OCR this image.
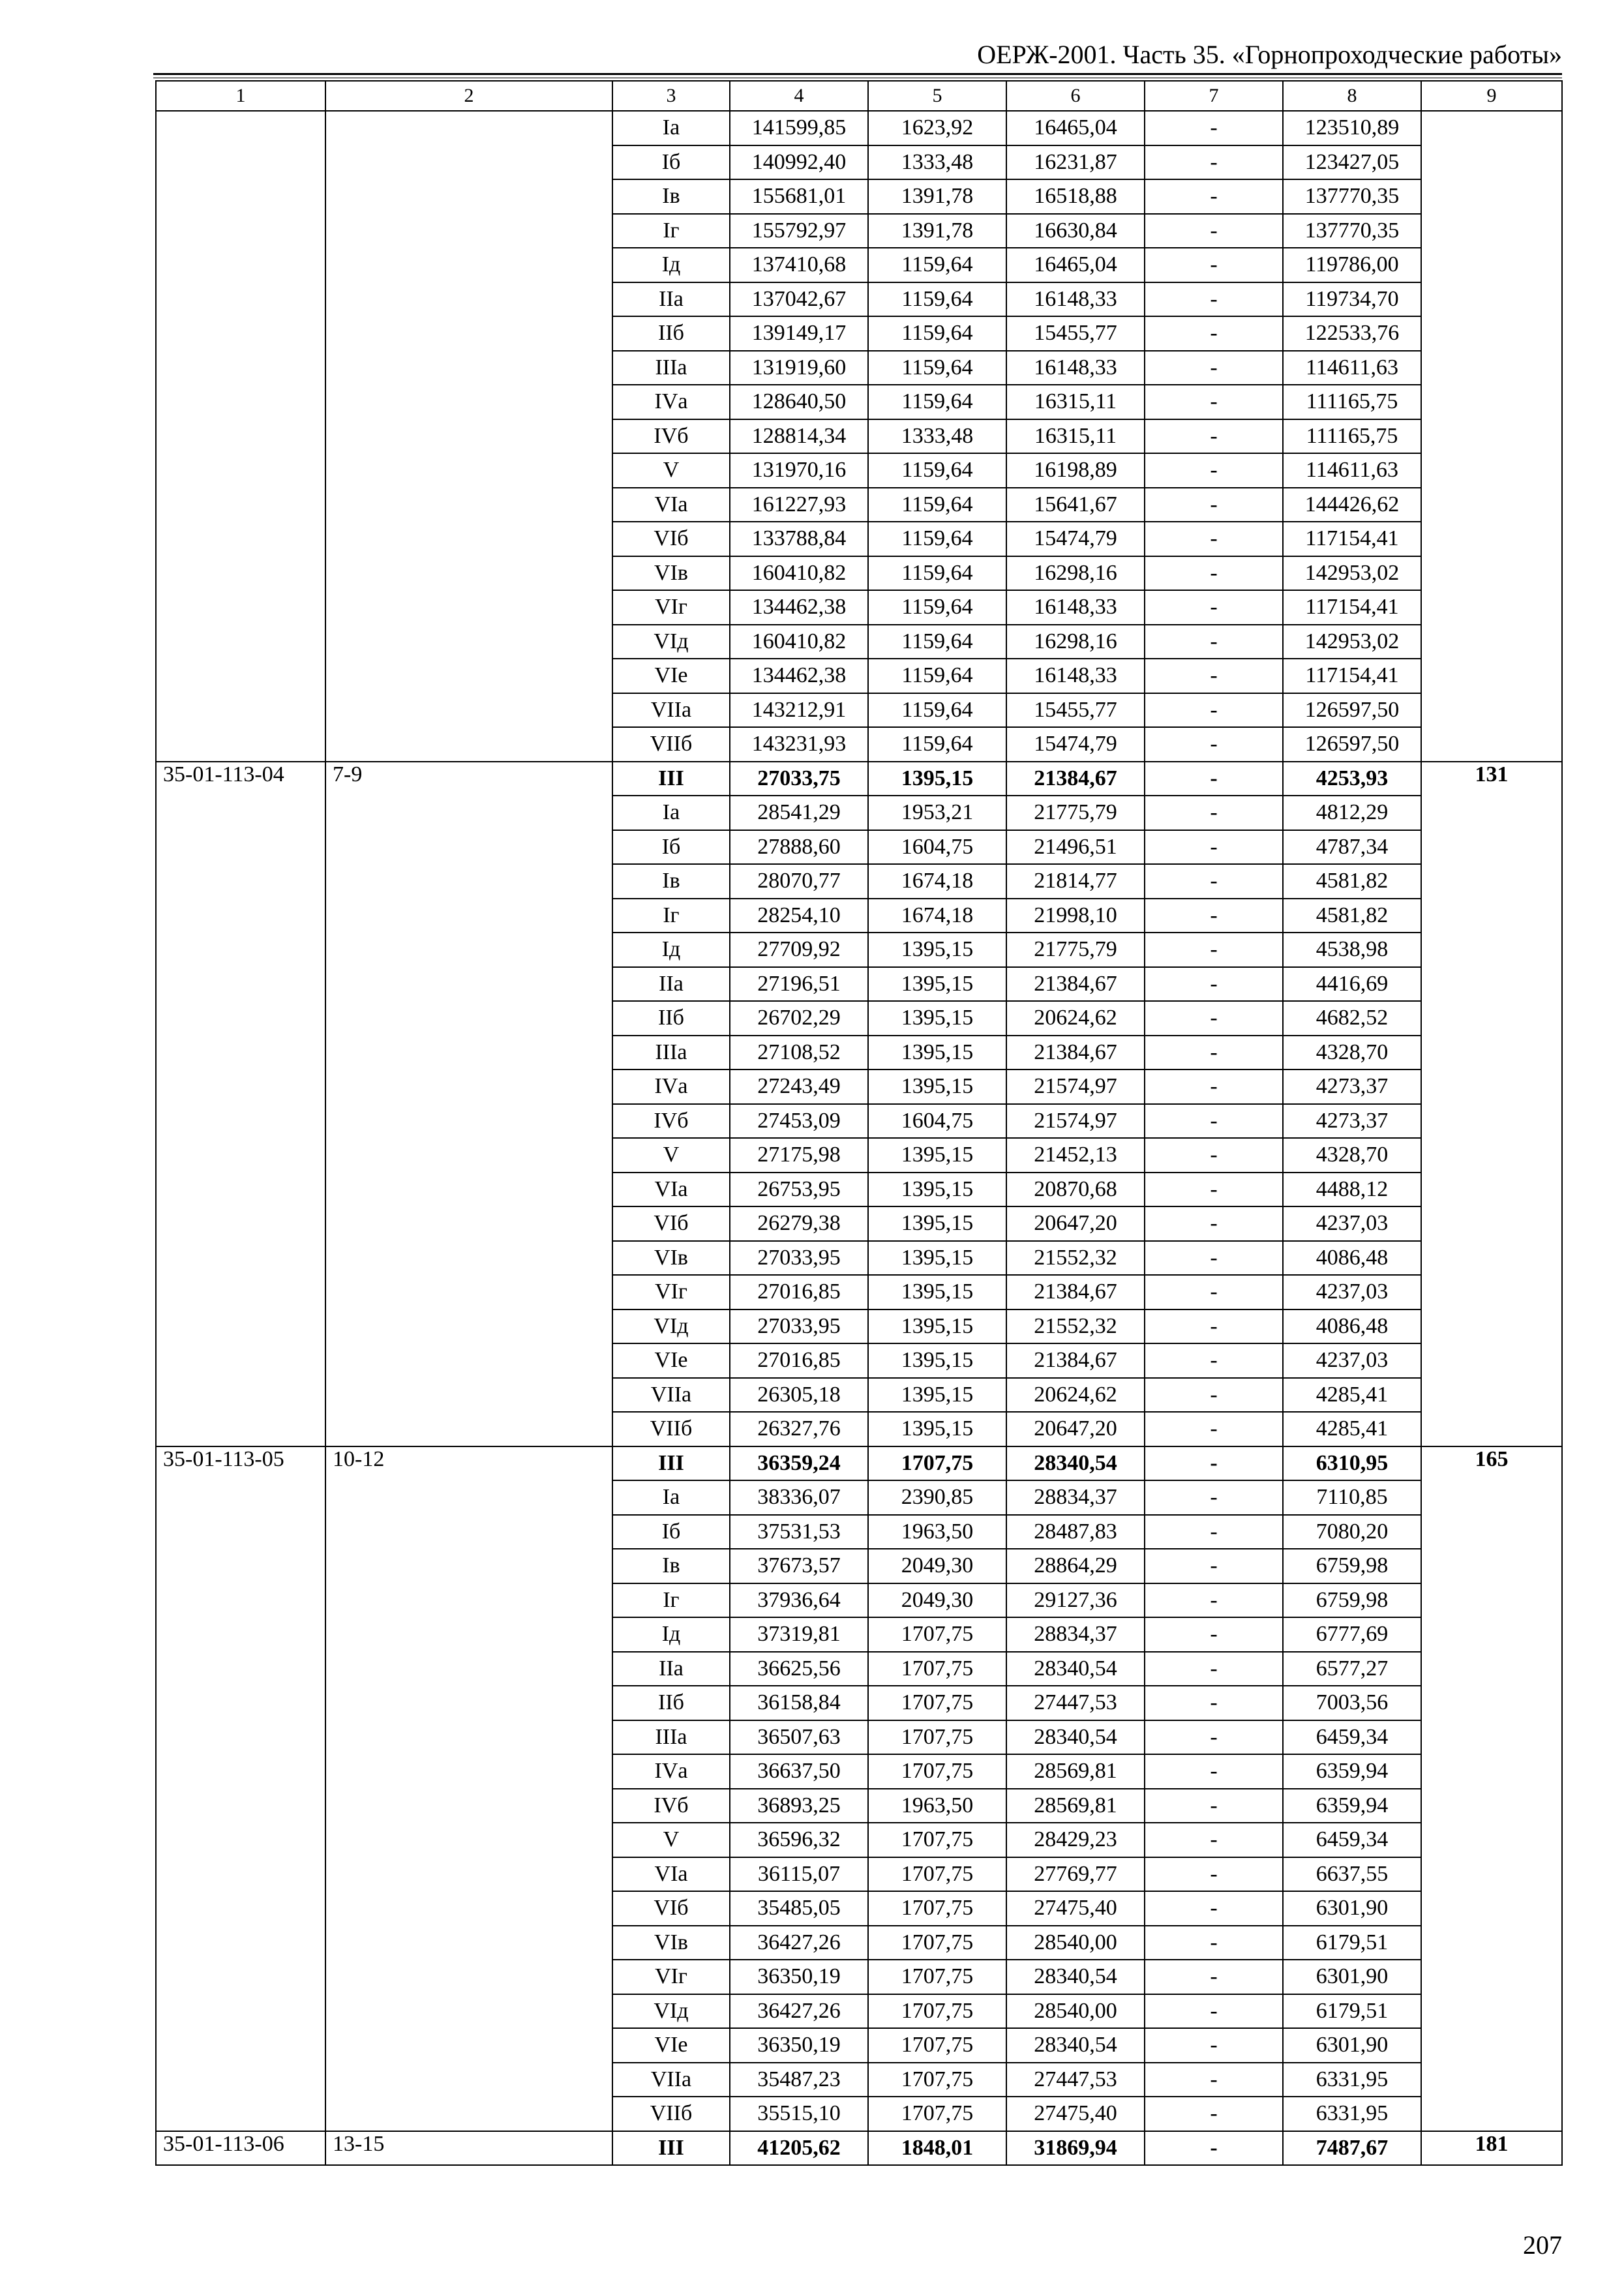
ОЕРЖ-2001. Часть 35. «Горнопроходческие работы»
1	2	3	4	5	6	7	8	9
		Iа	141599,85	1623,92	16465,04	-	123510,89	
		Iб	140992,40	1333,48	16231,87	-	123427,05	
		Iв	155681,01	1391,78	16518,88	-	137770,35	
		Iг	155792,97	1391,78	16630,84	-	137770,35	
		Iд	137410,68	1159,64	16465,04	-	119786,00	
		IIа	137042,67	1159,64	16148,33	-	119734,70	
		IIб	139149,17	1159,64	15455,77	-	122533,76	
		IIIа	131919,60	1159,64	16148,33	-	114611,63	
		IVа	128640,50	1159,64	16315,11	-	111165,75	
		IVб	128814,34	1333,48	16315,11	-	111165,75	
		V	131970,16	1159,64	16198,89	-	114611,63	
		VIа	161227,93	1159,64	15641,67	-	144426,62	
		VIб	133788,84	1159,64	15474,79	-	117154,41	
		VIв	160410,82	1159,64	16298,16	-	142953,02	
		VIг	134462,38	1159,64	16148,33	-	117154,41	
		VIд	160410,82	1159,64	16298,16	-	142953,02	
		VIе	134462,38	1159,64	16148,33	-	117154,41	
		VIIа	143212,91	1159,64	15455,77	-	126597,50	
		VIIб	143231,93	1159,64	15474,79	-	126597,50	
35-01-113-04	7-9	III	27033,75	1395,15	21384,67	-	4253,93	131
		Iа	28541,29	1953,21	21775,79	-	4812,29	
		Iб	27888,60	1604,75	21496,51	-	4787,34	
		Iв	28070,77	1674,18	21814,77	-	4581,82	
		Iг	28254,10	1674,18	21998,10	-	4581,82	
		Iд	27709,92	1395,15	21775,79	-	4538,98	
		IIа	27196,51	1395,15	21384,67	-	4416,69	
		IIб	26702,29	1395,15	20624,62	-	4682,52	
		IIIа	27108,52	1395,15	21384,67	-	4328,70	
		IVа	27243,49	1395,15	21574,97	-	4273,37	
		IVб	27453,09	1604,75	21574,97	-	4273,37	
		V	27175,98	1395,15	21452,13	-	4328,70	
		VIа	26753,95	1395,15	20870,68	-	4488,12	
		VIб	26279,38	1395,15	20647,20	-	4237,03	
		VIв	27033,95	1395,15	21552,32	-	4086,48	
		VIг	27016,85	1395,15	21384,67	-	4237,03	
		VIд	27033,95	1395,15	21552,32	-	4086,48	
		VIе	27016,85	1395,15	21384,67	-	4237,03	
		VIIа	26305,18	1395,15	20624,62	-	4285,41	
		VIIб	26327,76	1395,15	20647,20	-	4285,41	
35-01-113-05	10-12	III	36359,24	1707,75	28340,54	-	6310,95	165
		Iа	38336,07	2390,85	28834,37	-	7110,85	
		Iб	37531,53	1963,50	28487,83	-	7080,20	
		Iв	37673,57	2049,30	28864,29	-	6759,98	
		Iг	37936,64	2049,30	29127,36	-	6759,98	
		Iд	37319,81	1707,75	28834,37	-	6777,69	
		IIа	36625,56	1707,75	28340,54	-	6577,27	
		IIб	36158,84	1707,75	27447,53	-	7003,56	
		IIIа	36507,63	1707,75	28340,54	-	6459,34	
		IVа	36637,50	1707,75	28569,81	-	6359,94	
		IVб	36893,25	1963,50	28569,81	-	6359,94	
		V	36596,32	1707,75	28429,23	-	6459,34	
		VIа	36115,07	1707,75	27769,77	-	6637,55	
		VIб	35485,05	1707,75	27475,40	-	6301,90	
		VIв	36427,26	1707,75	28540,00	-	6179,51	
		VIг	36350,19	1707,75	28340,54	-	6301,90	
		VIд	36427,26	1707,75	28540,00	-	6179,51	
		VIе	36350,19	1707,75	28340,54	-	6301,90	
		VIIа	35487,23	1707,75	27447,53	-	6331,95	
		VIIб	35515,10	1707,75	27475,40	-	6331,95	
35-01-113-06	13-15	III	41205,62	1848,01	31869,94	-	7487,67	181
207
